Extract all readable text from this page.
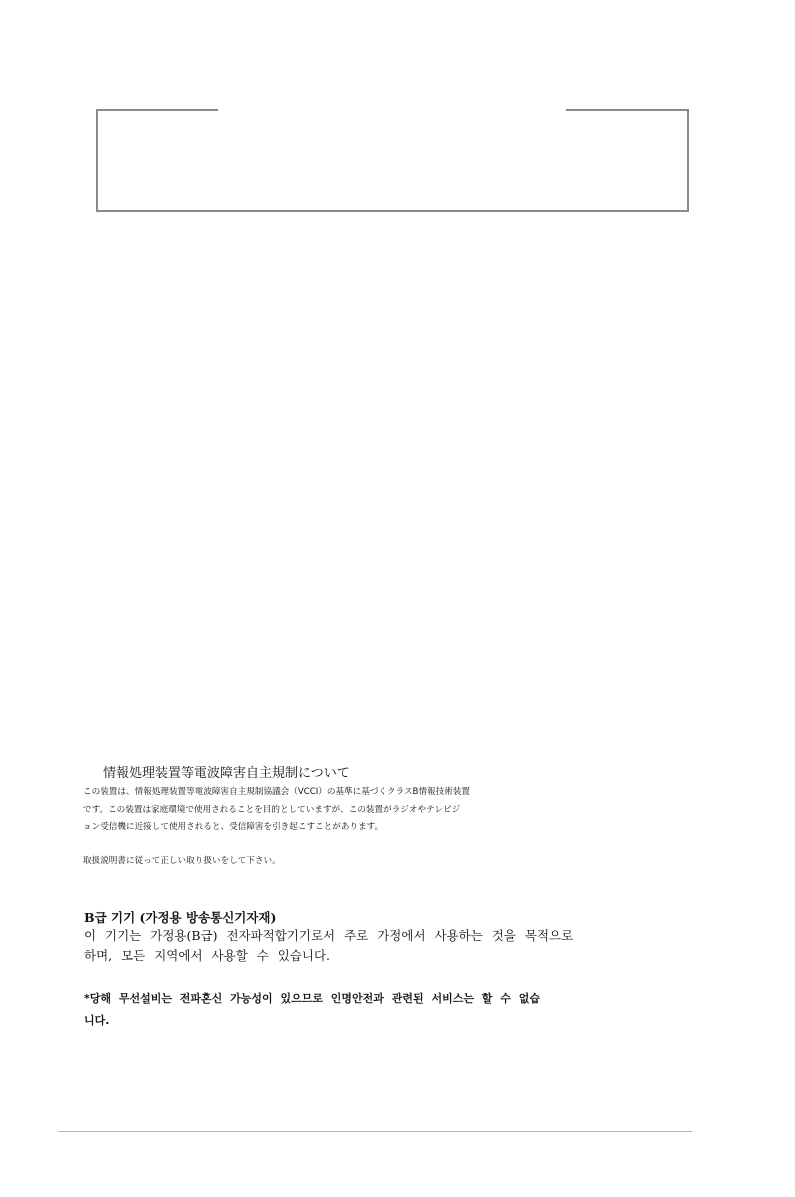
情報処理装置等電波障害自主規制について

この装置は、情報処理装置等電波障害自主規制協議会（VCCI）の基準に基づくクラスB情報技術装置

です。この装置は家庭環境で使用されることを目的としていますが、この装置がラジオやテレビジ

ョン受信機に近接して使用されると、受信障害を引き起こすことがあります。

取扱説明書に従って正しい取り扱いをして下さい。

B급 기기 (가정용 방송통신기자재)

이 기기는 가정용(B급) 전자파적합기기로서 주로 가정에서 사용하는 것을 목적으로

하며, 모든 지역에서 사용할 수 있습니다.

*당해 무선설비는 전파혼신 가능성이 있으므로 인명안전과 관련된 서비스는 할 수 없습

니다.
